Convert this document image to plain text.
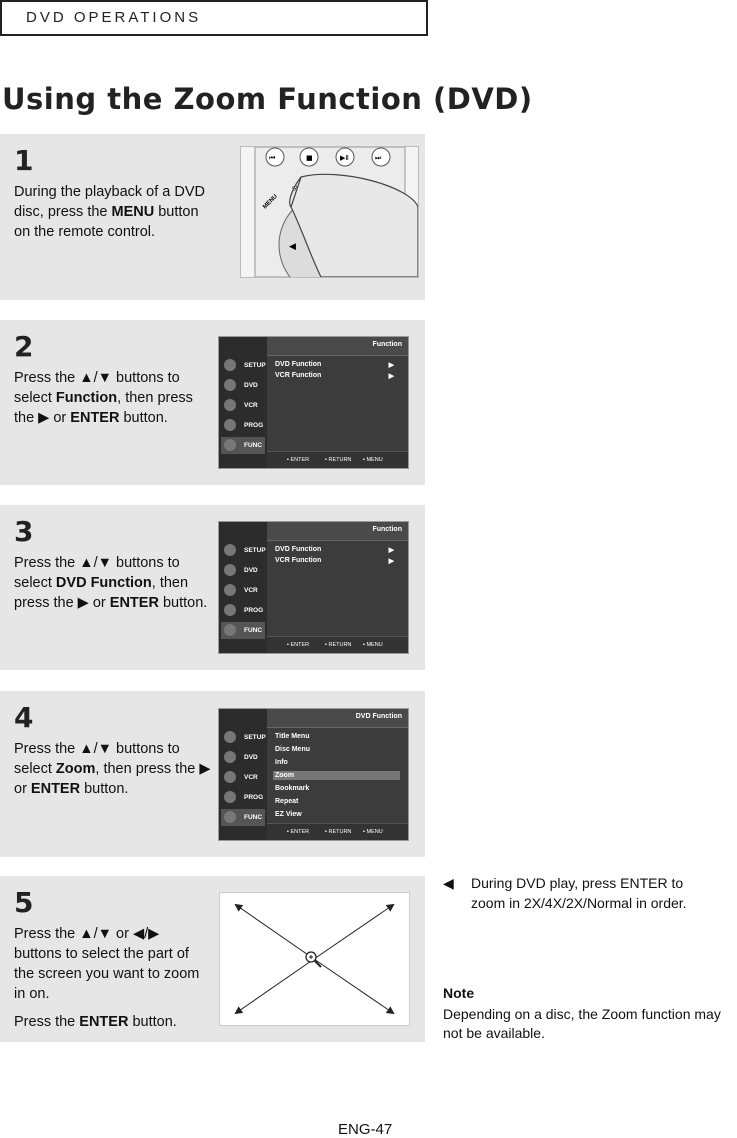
DVD OPERATIONS
Using the Zoom Function (DVD)
1
During the playback of a DVD disc, press the MENU button on the remote control.
⏮	■	▶Ⅱ	⏭
MENU
◀
2
Press the ▲/▼ buttons to select Function, then press the ▶ or ENTER button.
SETUP
DVD
VCR
PROG
FUNC
Function
DVD Function	▶
VCR Function	▶
▪ ENTER	▪ RETURN ▪ MENU
3
Press the ▲/▼ buttons to select DVD Function, then press the ▶ or ENTER button.
SETUP
DVD
VCR
PROG
FUNC
Function
DVD Function	▶
VCR Function	▶
▪ ENTER	▪ RETURN ▪ MENU
4
Press the ▲/▼ buttons to select Zoom, then press the ▶ or ENTER button.
SETUP
DVD
VCR
PROG
FUNC
DVD Function
Title Menu
Disc Menu
Info
Zoom
Bookmark
Repeat
EZ View
▪ ENTER	▪ RETURN ▪ MENU
5
Press the ▲/▼ or ◀/▶ buttons to select the part of the screen you want to zoom in on.
Press the ENTER button.
◀ During DVD play, press ENTER to zoom in 2X/4X/2X/Normal in order.
Note
Depending on a disc, the Zoom function may not be available.
ENG-47
